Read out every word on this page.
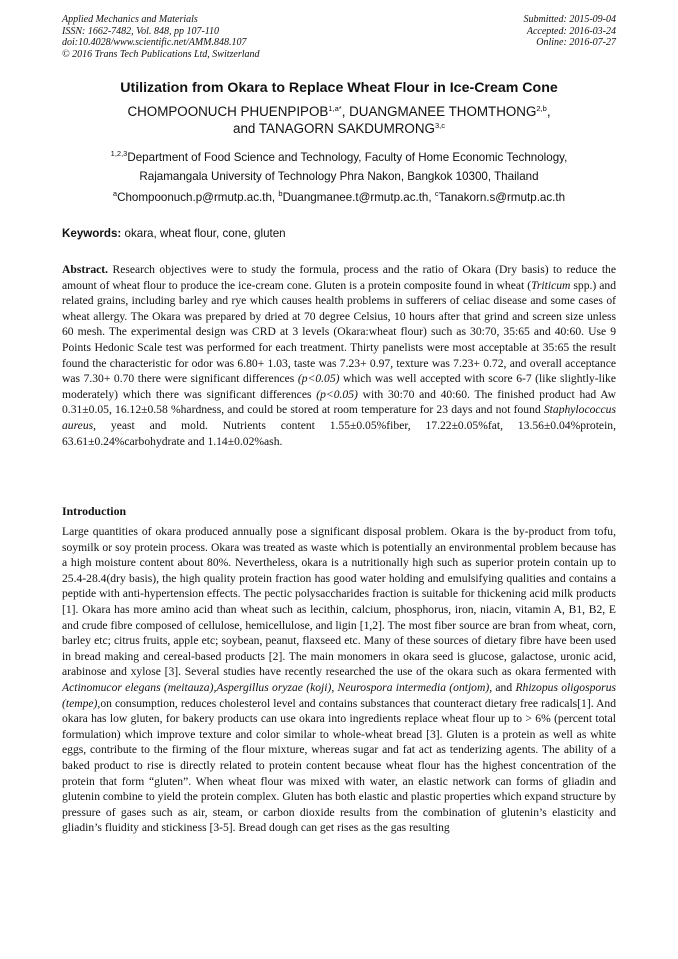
Applied Mechanics and Materials
ISSN: 1662-7482, Vol. 848, pp 107-110
doi:10.4028/www.scientific.net/AMM.848.107
© 2016 Trans Tech Publications Ltd, Switzerland
Submitted: 2015-09-04
Accepted: 2016-03-24
Online: 2016-07-27
Utilization from Okara to Replace Wheat Flour in Ice-Cream Cone
CHOMPOONUCH $PHUENPIPOB^{1,a*}$, DUANGMANEE THOMTHONG$^{2,b}$,
and TANAGORN SAKDUMRONG$^{3,c}$
$^{1,2,3}$Department of Food Science and Technology, Faculty of Home Economic Technology,
Rajamangala University of Technology Phra Nakon, Bangkok 10300, Thailand
$^a$Chompoonuch.p@rmutp.ac.th, $^b$Duangmanee.t@rmutp.ac.th, $^c$Tanakorn.s@rmutp.ac.th
Keywords: okara, wheat flour, cone, gluten
Abstract. Research objectives were to study the formula, process and the ratio of Okara (Dry basis) to reduce the amount of wheat flour to produce the ice-cream cone. Gluten is a protein composite found in wheat (Triticum spp.) and related grains, including barley and rye which causes health problems in sufferers of celiac disease and some cases of wheat allergy. The Okara was prepared by dried at 70 degree Celsius, 10 hours after that grind and screen size unless 60 mesh. The experimental design was CRD at 3 levels (Okara:wheat flour) such as 30:70, 35:65 and 40:60. Use 9 Points Hedonic Scale test was performed for each treatment. Thirty panelists were most acceptable at 35:65 the result found the characteristic for odor was 6.80+ 1.03, taste was 7.23+ 0.97, texture was 7.23+ 0.72, and overall acceptance was 7.30+ 0.70 there were significant differences (p<0.05) which was well accepted with score 6-7 (like slightly-like moderately) which there was significant differences (p<0.05) with 30:70 and 40:60. The finished product had Aw 0.31±0.05, 16.12±0.58 %hardness, and could be stored at room temperature for 23 days and not found Staphylococcus aureus, yeast and mold. Nutrients content 1.55±0.05%fiber, 17.22±0.05%fat, 13.56±0.04%protein, 63.61±0.24%carbohydrate and 1.14±0.02%ash.
Introduction
Large quantities of okara produced annually pose a significant disposal problem. Okara is the by-product from tofu, soymilk or soy protein process. Okara was treated as waste which is potentially an environmental problem because has a high moisture content about 80%. Nevertheless, okara is a nutritionally high such as superior protein contain up to 25.4-28.4(dry basis), the high quality protein fraction has good water holding and emulsifying qualities and contains a peptide with anti-hypertension effects. The pectic polysaccharides fraction is suitable for thickening acid milk products [1]. Okara has more amino acid than wheat such as lecithin, calcium, phosphorus, iron, niacin, vitamin A, B1, B2, E and crude fibre composed of cellulose, hemicellulose, and ligin [1,2]. The most fiber source are bran from wheat, corn, barley etc; citrus fruits, apple etc; soybean, peanut, flaxseed etc. Many of these sources of dietary fibre have been used in bread making and cereal-based products [2]. The main monomers in okara seed is glucose, galactose, uronic acid, arabinose and xylose [3]. Several studies have recently researched the use of the okara such as okara fermented with Actinomucor elegans (meitauza),Aspergillus oryzae (koji), Neurospora intermedia (ontjom), and Rhizopus oligosporus (tempe),on consumption, reduces cholesterol level and contains substances that counteract dietary free radicals[1]. And okara has low gluten, for bakery products can use okara into ingredients replace wheat flour up to > 6% (percent total formulation) which improve texture and color similar to whole-wheat bread [3]. Gluten is a protein as well as white eggs, contribute to the firming of the flour mixture, whereas sugar and fat act as tenderizing agents. The ability of a baked product to rise is directly related to protein content because wheat flour has the highest concentration of the protein that form “gluten”. When wheat flour was mixed with water, an elastic network can forms of gliadin and glutenin combine to yield the protein complex. Gluten has both elastic and plastic properties which expand structure by pressure of gases such as air, steam, or carbon dioxide results from the combination of glutenin’s elasticity and gliadin’s fluidity and stickiness [3-5]. Bread dough can get rises as the gas resulting
